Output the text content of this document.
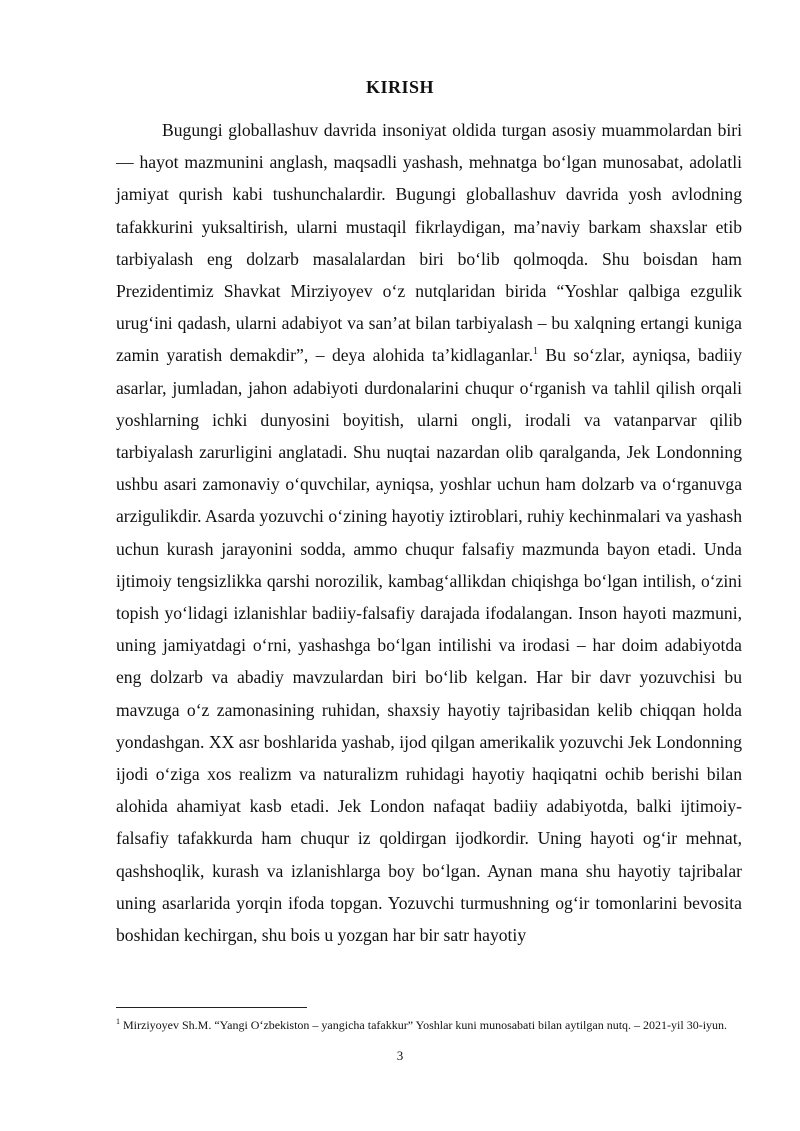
KIRISH

Bugungi globallashuv davrida insoniyat oldida turgan asosiy muammolardan biri — hayot mazmunini anglash, maqsadli yashash, mehnatga bo‘lgan munosabat, adolatli jamiyat qurish kabi tushunchalardir. Bugungi globallashuv davrida yosh avlodning tafakkurini yuksaltirish, ularni mustaqil fikrlaydigan, ma’naviy barkam shaxslar etib tarbiyalash eng dolzarb masalalardan biri bo‘lib qolmoqda. Shu boisdan ham Prezidentimiz Shavkat Mirziyoyev o‘z nutqlaridan birida “Yoshlar qalbiga ezgulik urug‘ini qadash, ularni adabiyot va san’at bilan tarbiyalash – bu xalqning ertangi kuniga zamin yaratish demakdir”, – deya alohida ta’kidlaganlar.$^1$ Bu so‘zlar, ayniqsa, badiiy asarlar, jumladan, jahon adabiyoti durdonalarini chuqur o‘rganish va tahlil qilish orqali yoshlarning ichki dunyosini boyitish, ularni ongli, irodali va vatanparvar qilib tarbiyalash zarurligini anglatadi. Shu nuqtai nazardan olib qaralganda, Jek Londonning ushbu asari zamonaviy o‘quvchilar, ayniqsa, yoshlar uchun ham dolzarb va o‘rganuvga arzigulikdir. Asarda yozuvchi o‘zining hayotiy iztiroblari, ruhiy kechinmalari va yashash uchun kurash jarayonini sodda, ammo chuqur falsafiy mazmunda bayon etadi. Unda ijtimoiy tengsizlikka qarshi norozilik, kambag‘allikdan chiqishga bo‘lgan intilish, o‘zini topish yo‘lidagi izlanishlar badiiy-falsafiy darajada ifodalangan. Inson hayoti mazmuni, uning jamiyatdagi o‘rni, yashashga bo‘lgan intilishi va irodasi – har doim adabiyotda eng dolzarb va abadiy mavzulardan biri bo‘lib kelgan. Har bir davr yozuvchisi bu mavzuga o‘z zamonasining ruhidan, shaxsiy hayotiy tajribasidan kelib chiqqan holda yondashgan. XX asr boshlarida yashab, ijod qilgan amerikalik yozuvchi Jek Londonning ijodi o‘ziga xos realizm va naturalizm ruhidagi hayotiy haqiqatni ochib berishi bilan alohida ahamiyat kasb etadi. Jek London nafaqat badiiy adabiyotda, balki ijtimoiy-falsafiy tafakkurda ham chuqur iz qoldirgan ijodkordir. Uning hayoti og‘ir mehnat, qashshoqlik, kurash va izlanishlarga boy bo‘lgan. Aynan mana shu hayotiy tajribalar uning asarlarida yorqin ifoda topgan. Yozuvchi turmushning og‘ir tomonlarini bevosita boshidan kechirgan, shu bois u yozgan har bir satr hayotiy

$^1$ Mirziyoyev Sh.M. “Yangi O‘zbekiston – yangicha tafakkur” Yoshlar kuni munosabati bilan aytilgan nutq. – 2021-yil 30-iyun.

3
